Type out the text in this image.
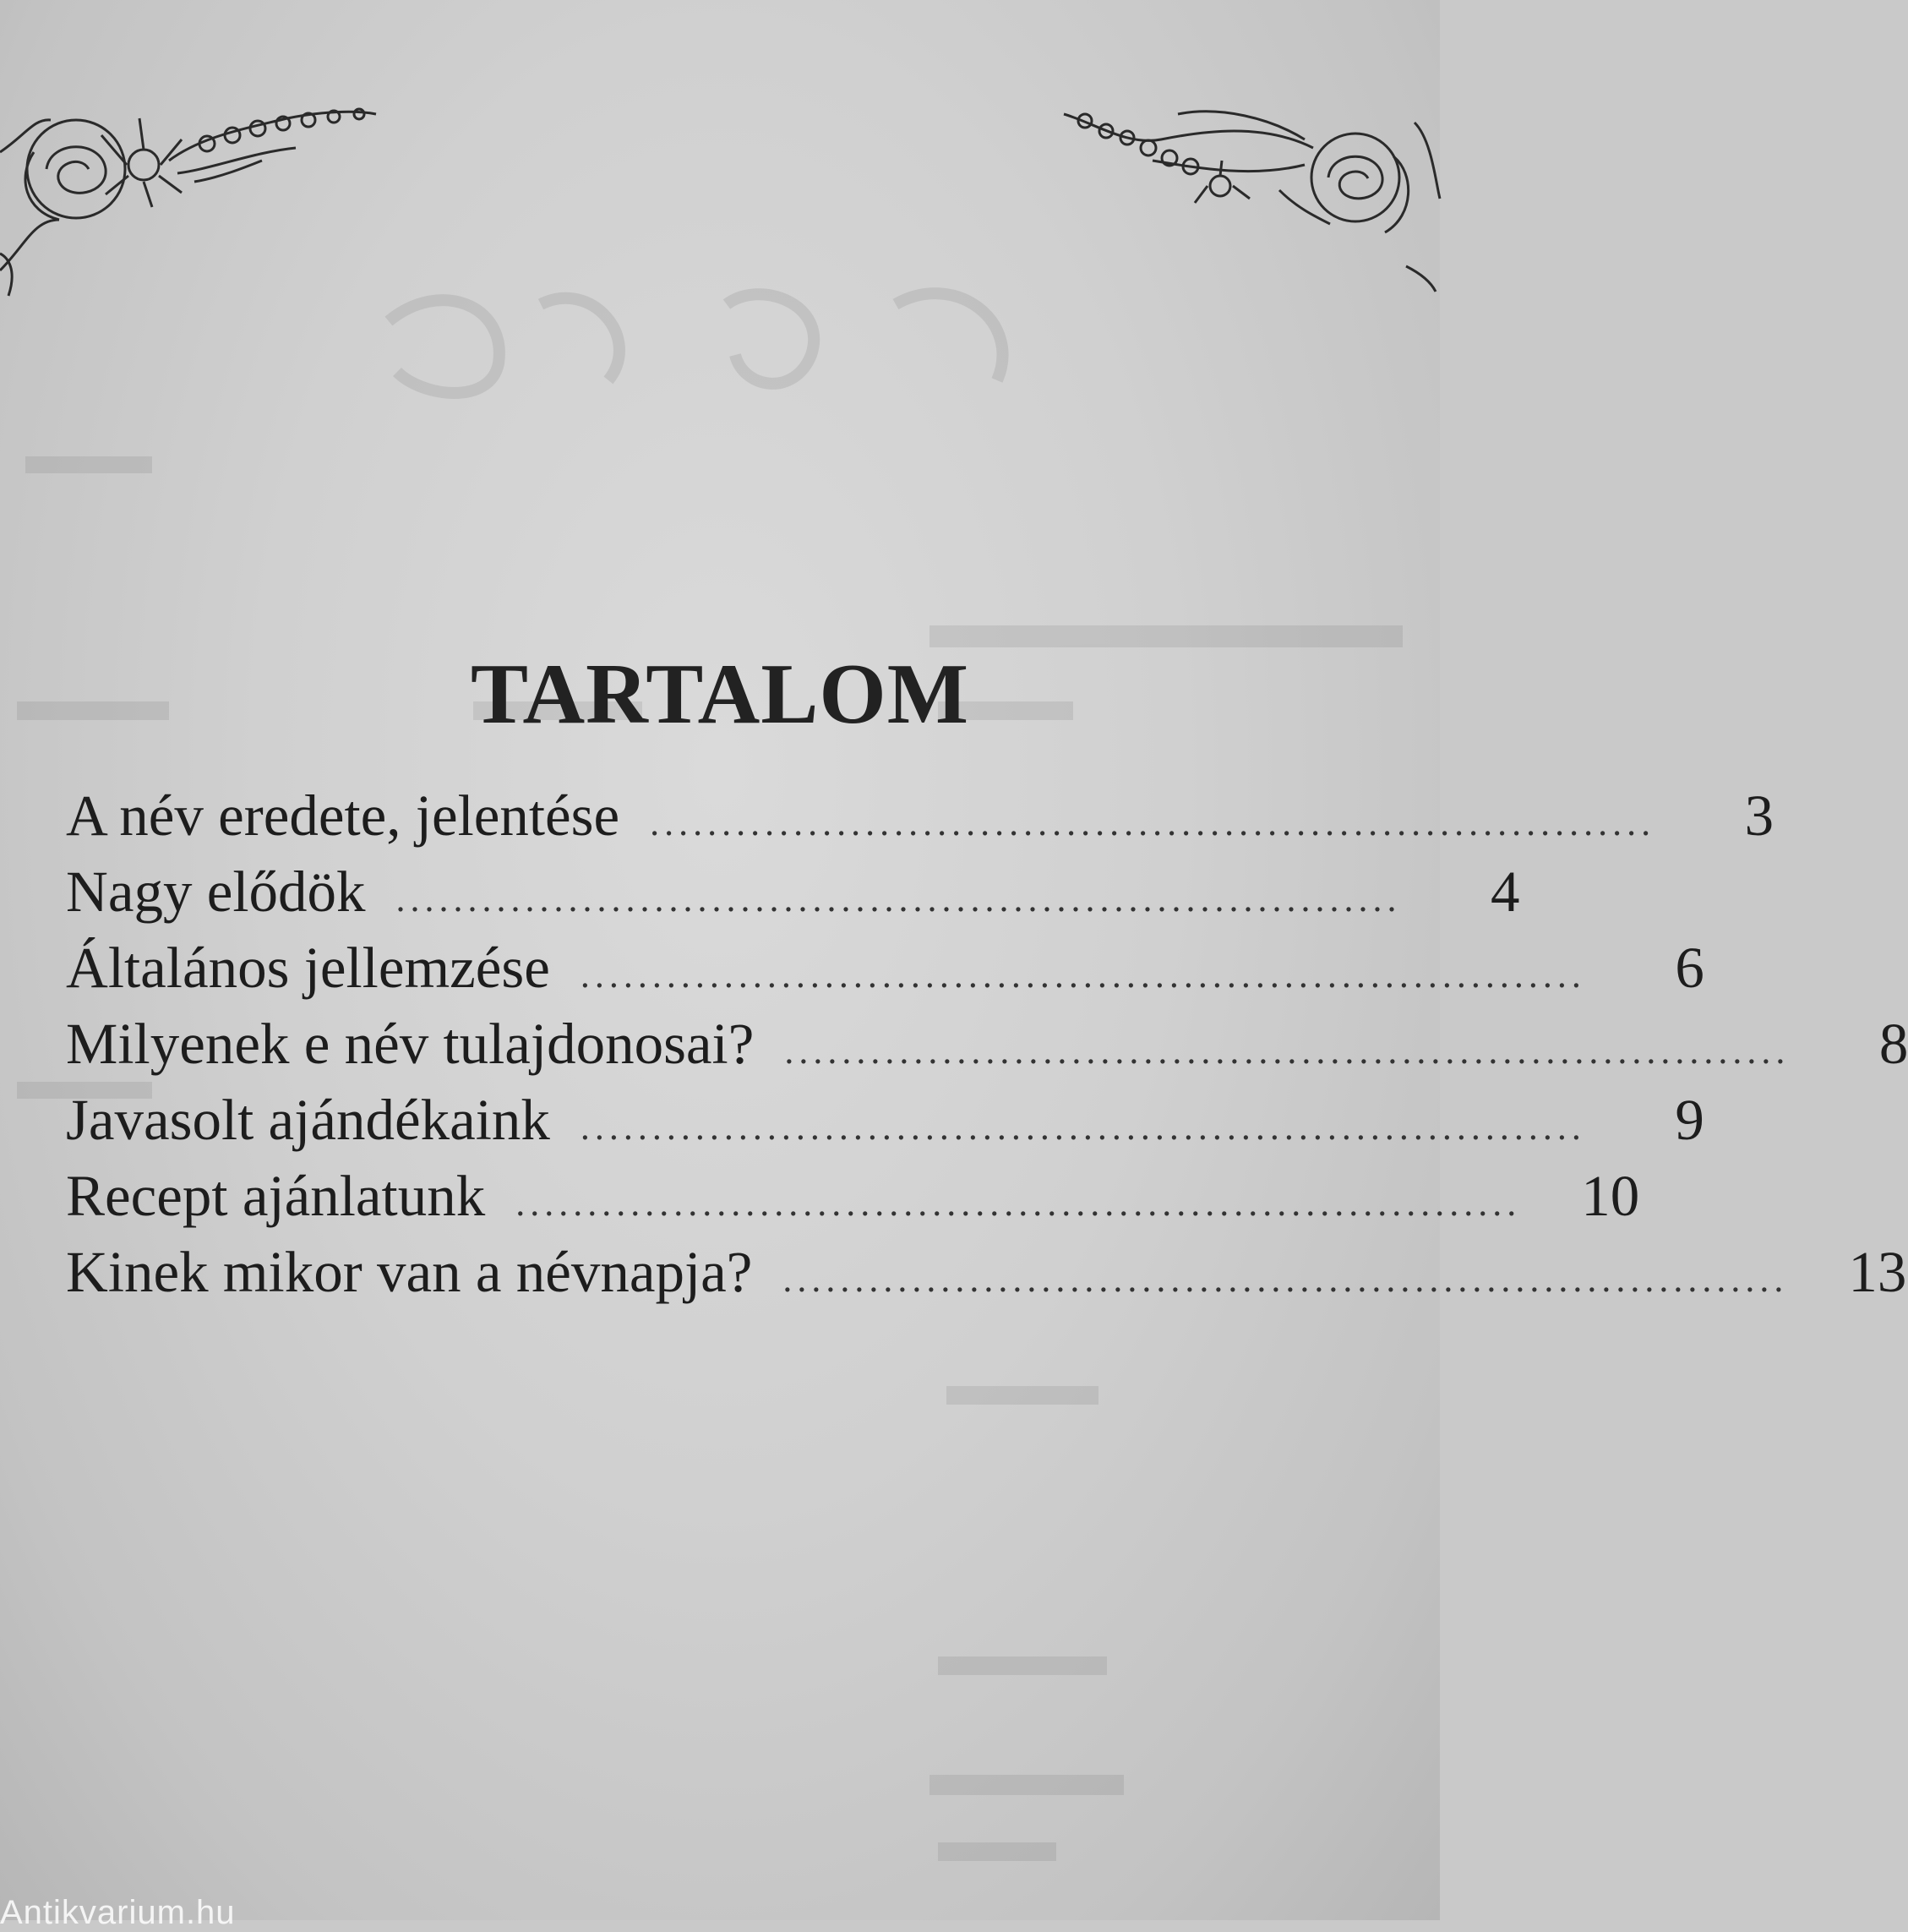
TARTALOM
A név eredete, jelentése ......................................................................	3
Nagy elődök ......................................................................	4
Általános jellemzése ......................................................................	6
Milyenek e név tulajdonosai? ......................................................................	8
Javasolt ajándékaink ......................................................................	9
Recept ajánlatunk ......................................................................	10
Kinek mikor van a névnapja? ......................................................................	13
Antikvarium.hu
